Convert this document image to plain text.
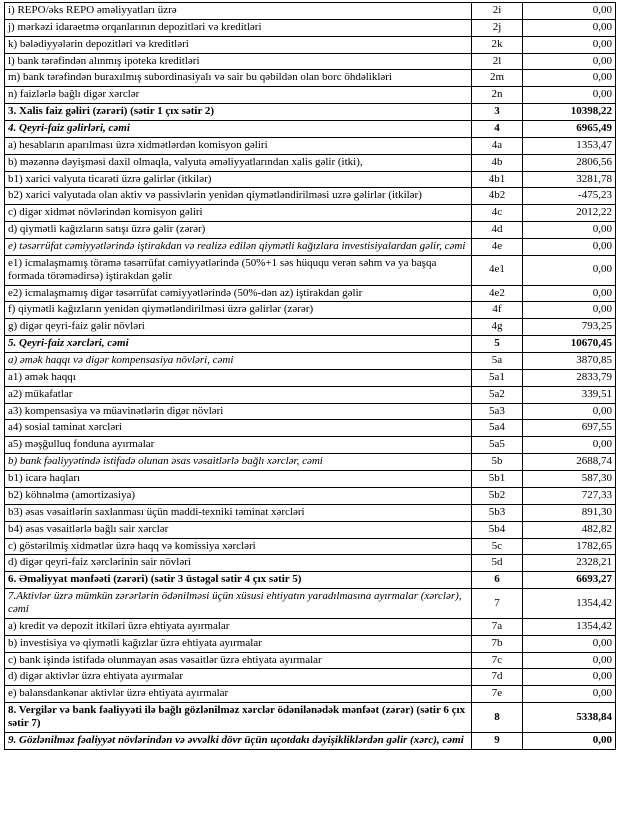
i) REPO/əks REPO əməliyyatları üzrə	2i	0,00
j) mərkəzi idarəetmə orqanlarının depozitləri və kreditləri	2j	0,00
k) bələdiyyələrin depozitləri və kreditləri	2k	0,00
l) bank tərəfindən alınmış ipoteka kreditləri	2l	0,00
m) bank tərəfindən buraxılmış subordinasiyalı və sair bu qəbildən olan borc öhdəlikləri	2m	0,00
n) faizlərlə bağlı digər xərclər	2n	0,00
3. Xalis faiz gəliri (zərəri) (sətir 1 çıx sətir 2)	3	10398,22
4. Qeyri-faiz gəlirləri, cəmi	4	6965,49
a) hesabların aparılması üzrə xidmətlərdən komisyon gəliri	4a	1353,47
b) məzənnə dəyişməsi daxil olmaqla, valyuta əməliyyatlarından xalis gəlir (itki),	4b	2806,56
b1) xarici valyuta ticarəti üzrə gəlirlər (itkilər)	4b1	3281,78
b2) xarici valyutada olan aktiv və passivlərin yenidən qiymətləndirilməsi uzrə gəlirlər (itkilər)	4b2	-475,23
c) digər xidmət növlərindən komisyon gəliri	4c	2012,22
d) qiymətli kağızların satışı üzrə gəlir (zərər)	4d	0,00
e) təsərrüfat cəmiyyətlərində iştirakdan və realizə edilən qiymətli kağızlara investisiyalardan gəlir, cəmi	4e	0,00
e1) icmalaşmamış törəmə təsərrüfat cəmiyyətlərində (50%+1 səs hüququ verən səhm və ya başqa formada törəmədirsə) iştirakdan gəlir	4e1	0,00
e2) icmalaşmamış digər təsərrüfat cəmiyyətlərində (50%-dən az) iştirakdan gəlir	4e2	0,00
f) qiymətli kağızların yenidən qiymətləndirilməsi üzrə gəlirlər (zərər)	4f	0,00
g) digər qeyri-faiz gəlir növləri	4g	793,25
5. Qeyri-faiz xərcləri, cəmi	5	10670,45
a) əmək haqqı və digər kompensasiya növləri, cəmi	5a	3870,85
a1) əmək haqqı	5a1	2833,79
a2) mükafatlar	5a2	339,51
a3) kompensasiya və müavinətlərin digər növləri	5a3	0,00
a4) sosial təminat xərcləri	5a4	697,55
a5) məşğulluq fonduna ayırmalar	5a5	0,00
b) bank fəaliyyətində istifadə olunan əsas vəsaitlərlə bağlı xərclər, cəmi	5b	2688,74
b1) icarə haqları	5b1	587,30
b2) köhnəlmə (amortizasiya)	5b2	727,33
b3) əsas vəsaitlərin saxlanması üçün maddi-texniki təminat xərcləri	5b3	891,30
b4) əsas vəsaitlərlə bağlı sair xərclər	5b4	482,82
c) göstərilmiş xidmətlər üzrə haqq və komissiya xərcləri	5c	1782,65
d) digər qeyri-faiz xərclərinin sair növləri	5d	2328,21
6. Əməliyyat mənfəəti (zərəri) (sətir 3 üstəgəl sətir 4 çıx sətir 5)	6	6693,27
7.Aktivlər üzrə mümkün zərərlərin ödənilməsi üçün xüsusi ehtiyatın yaradılmasına ayırmalar (xərclər), cəmi	7	1354,42
a) kredit və depozit itkiləri üzrə ehtiyata ayırmalar	7a	1354,42
b) investisiya və qiymətli kağızlar üzrə ehtiyata ayırmalar	7b	0,00
c) bank işində istifadə olunmayan əsas vəsaitlər üzrə ehtiyata ayırmalar	7c	0,00
d) digər aktivlər üzrə ehtiyata ayırmalar	7d	0,00
e) balansdankənar aktivlər üzrə ehtiyata ayırmalar	7e	0,00
8. Vergilər və bank fəaliyyəti ilə bağlı gözlənilməz xərclər ödənilənədək mənfəət (zərər) (sətir 6 çıx sətir 7)	8	5338,84
9. Gözlənilməz fəaliyyət növlərindən və əvvəlki dövr üçün uçotdakı dəyişikliklərdən gəlir (xərc), cəmi	9	0,00
